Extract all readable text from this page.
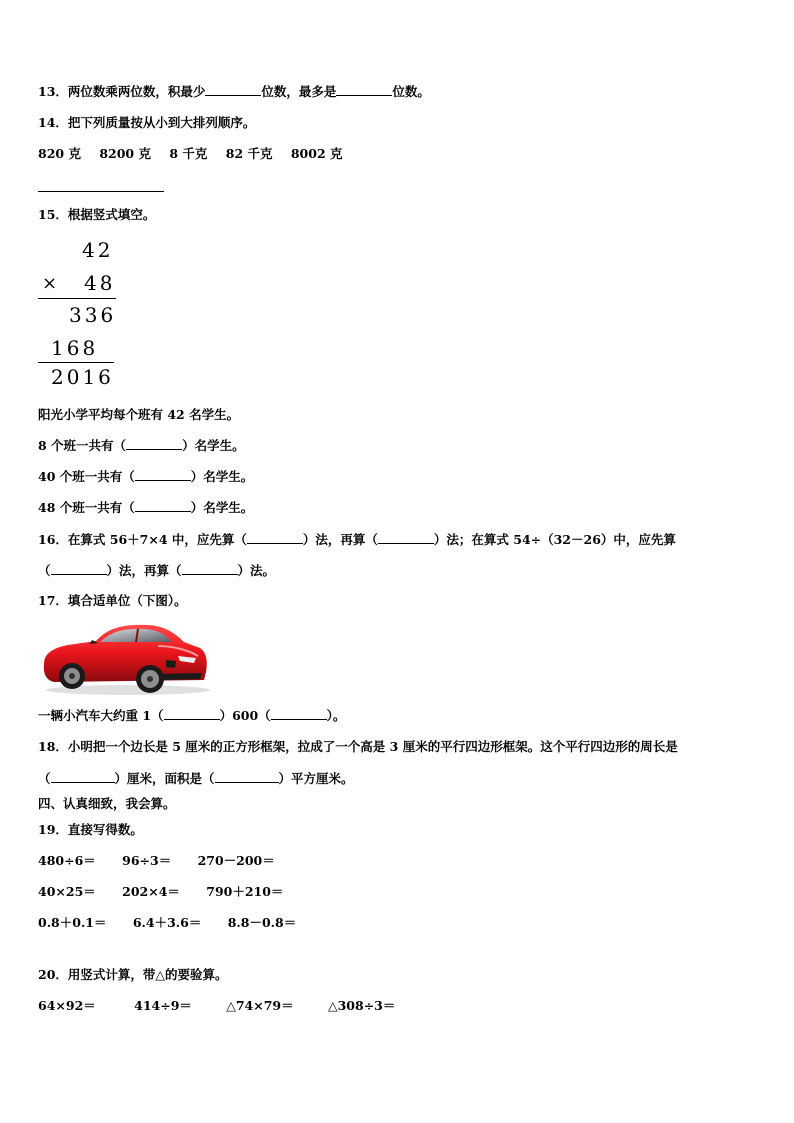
13．两位数乘两位数，积最少	位数，最多是	位数。
14．把下列质量按从小到大排列顺序。
820 克 8200 克 8 千克 82 千克 8002 克
15．根据竖式填空。
42
× 48
336
168
2016
阳光小学平均每个班有 42 名学生。
8 个班一共有（	）名学生。
40 个班一共有（	）名学生。
48 个班一共有（	）名学生。
16．在算式 56＋7×4 中，应先算（	）法，再算（	）法；在算式 54÷（32－26）中，应先算
（	）法，再算（	）法。
17．填合适单位（下图）。
一辆小汽车大约重 1（	）600（	）。
18．小明把一个边长是 5 厘米的正方形框架，拉成了一个高是 3 厘米的平行四边形框架。这个平行四边形的周长是
（	）厘米，面积是（	）平方厘米。
四、认真细致，我会算。
19．直接写得数。
480÷6＝ 96÷3＝ 270－200＝
40×25＝ 202×4＝ 790＋210＝
0.8＋0.1＝ 6.4＋3.6＝ 8.8－0.8＝
20．用竖式计算，带△的要验算。
64×92＝	414÷9＝	△74×79＝	△308÷3＝
